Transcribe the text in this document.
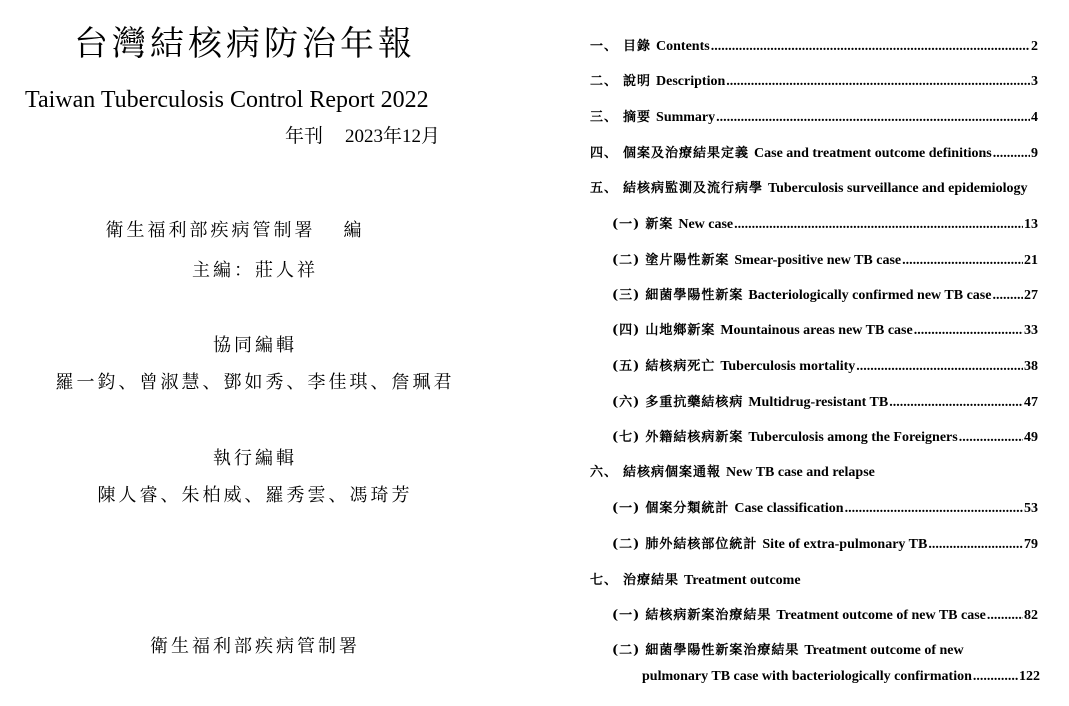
台灣結核病防治年報
Taiwan Tuberculosis Control Report 2022
年刊 2023年12月
衛生福利部疾病管制署 編
主編：莊人祥
協同編輯
羅一鈞、曾淑慧、鄧如秀、李佳琪、詹珮君
執行編輯
陳人睿、朱柏威、羅秀雲、馮琦芳
衛生福利部疾病管制署
一、 目錄 Contents .....	2
二、 說明 Description .....	3
三、 摘要 Summary .....	4
四、 個案及治療結果定義 Case and treatment outcome definitions .....	9
五、 結核病監測及流行病學 Tuberculosis surveillance and epidemiology
(一) 新案 New case .....	13
(二) 塗片陽性新案 Smear-positive new TB case .....	21
(三) 細菌學陽性新案 Bacteriologically confirmed new TB case ..... 27
(四) 山地鄉新案 Mountainous areas new TB case .....	33
(五) 結核病死亡 Tuberculosis mortality .....	38
(六) 多重抗藥結核病 Multidrug-resistant TB .....	47
(七) 外籍結核病新案 Tuberculosis among the Foreigners .....	49
六、 結核病個案通報 New TB case and relapse
(一) 個案分類統計 Case classification .....	53
(二) 肺外結核部位統計 Site of extra-pulmonary TB .....	79
七、 治療結果 Treatment outcome
(一) 結核病新案治療結果 Treatment outcome of new TB case .....	82
(二) 細菌學陽性新案治療結果 Treatment outcome of new
pulmonary TB case with bacteriologically confirmation .....	122
